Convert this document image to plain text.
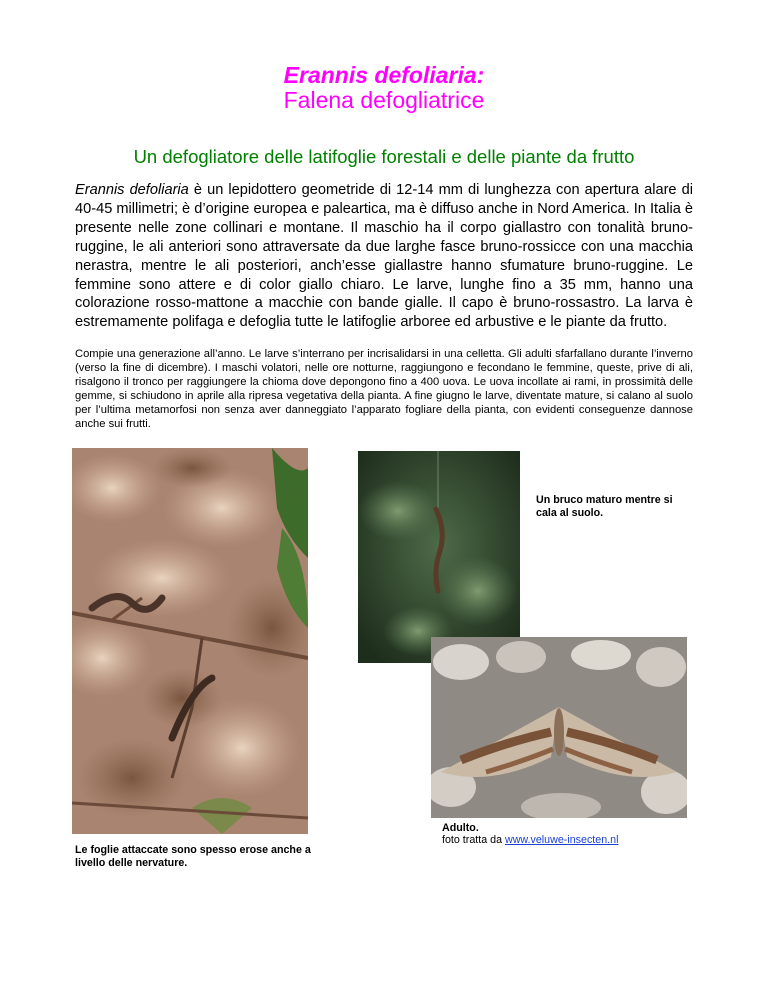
Erannis defoliaria:
Falena defogliatrice
Un defogliatore delle latifoglie forestali e delle piante da frutto
Erannis defoliaria è un lepidottero geometride di 12-14 mm di lunghezza con apertura alare di 40-45 millimetri; è d’origine europea e paleartica, ma è diffuso anche in Nord America. In Italia è presente nelle zone collinari e montane. Il maschio ha il corpo giallastro con tonalità bruno-ruggine, le ali anteriori sono attraversate da due larghe fasce bruno-rossicce con una macchia nerastra, mentre le ali posteriori, anch’esse giallastre hanno sfumature bruno-ruggine. Le femmine sono attere e di color giallo chiaro. Le larve, lunghe fino a 35 mm, hanno una colorazione rosso-mattone a macchie con bande gialle. Il capo è bruno-rossastro. La larva è estremamente polifaga e defoglia tutte le latifoglie arboree ed arbustive e le piante da frutto.
Compie una generazione all’anno. Le larve s’interrano per incrisalidarsi in una celletta. Gli adulti sfarfallano durante l’inverno (verso la fine di dicembre). I maschi volatori, nelle ore notturne, raggiungono e fecondano le femmine, queste, prive di ali, risalgono il tronco per raggiungere la chioma dove depongono fino a 400 uova. Le uova incollate ai rami, in prossimità delle gemme, si schiudono in aprile alla ripresa vegetativa della pianta. A fine giugno le larve, diventate mature, si calano al suolo per l’ultima metamorfosi non senza aver danneggiato l’apparato fogliare della pianta, con evidenti conseguenze dannose anche sui frutti.
Le foglie attaccate sono spesso erose anche a livello delle nervature.
Un bruco maturo mentre si cala al suolo.
Adulto.
foto tratta da www.veluwe-insecten.nl
